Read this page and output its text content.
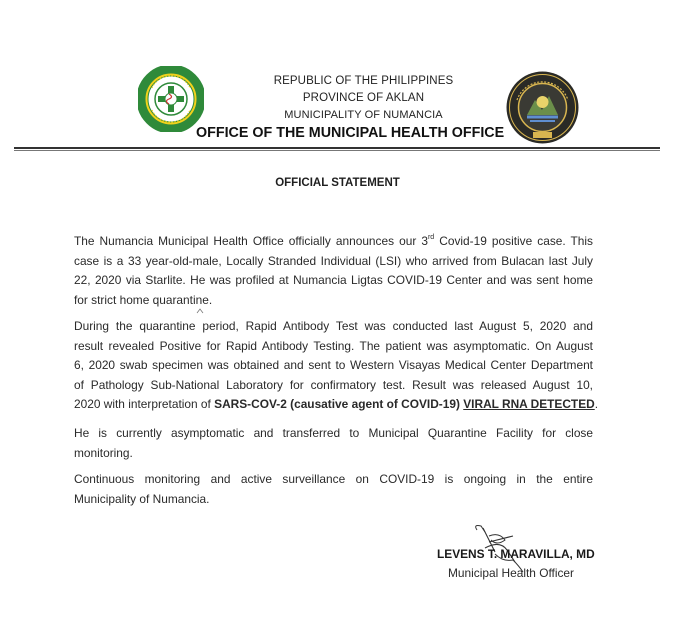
REPUBLIC OF THE PHILIPPINES
PROVINCE OF AKLAN
MUNICIPALITY OF NUMANCIA
OFFICE OF THE MUNICIPAL HEALTH OFFICE
OFFICIAL STATEMENT
The Numancia Municipal Health Office officially announces our 3rd Covid-19 positive case. This
case is a 33 year-old-male, Locally Stranded Individual (LSI) who arrived from Bulacan last July
22, 2020 via Starlite. He was profiled at Numancia Ligtas COVID-19 Center and was sent home
for strict home quarantine.
During the quarantine period, Rapid Antibody Test was conducted last August 5, 2020 and
result revealed Positive for Rapid Antibody Testing. The patient was asymptomatic. On August
6, 2020 swab specimen was obtained and sent to Western Visayas Medical Center Department
of Pathology Sub-National Laboratory for confirmatory test. Result was released August 10,
2020 with interpretation of SARS-COV-2 (causative agent of COVID-19) VIRAL RNA DETECTED.
He is currently asymptomatic and transferred to Municipal Quarantine Facility for close
monitoring.
Continuous monitoring and active surveillance on COVID-19 is ongoing in the entire
Municipality of Numancia.
LEVENS T. MARAVILLA, MD
Municipal Health Officer
